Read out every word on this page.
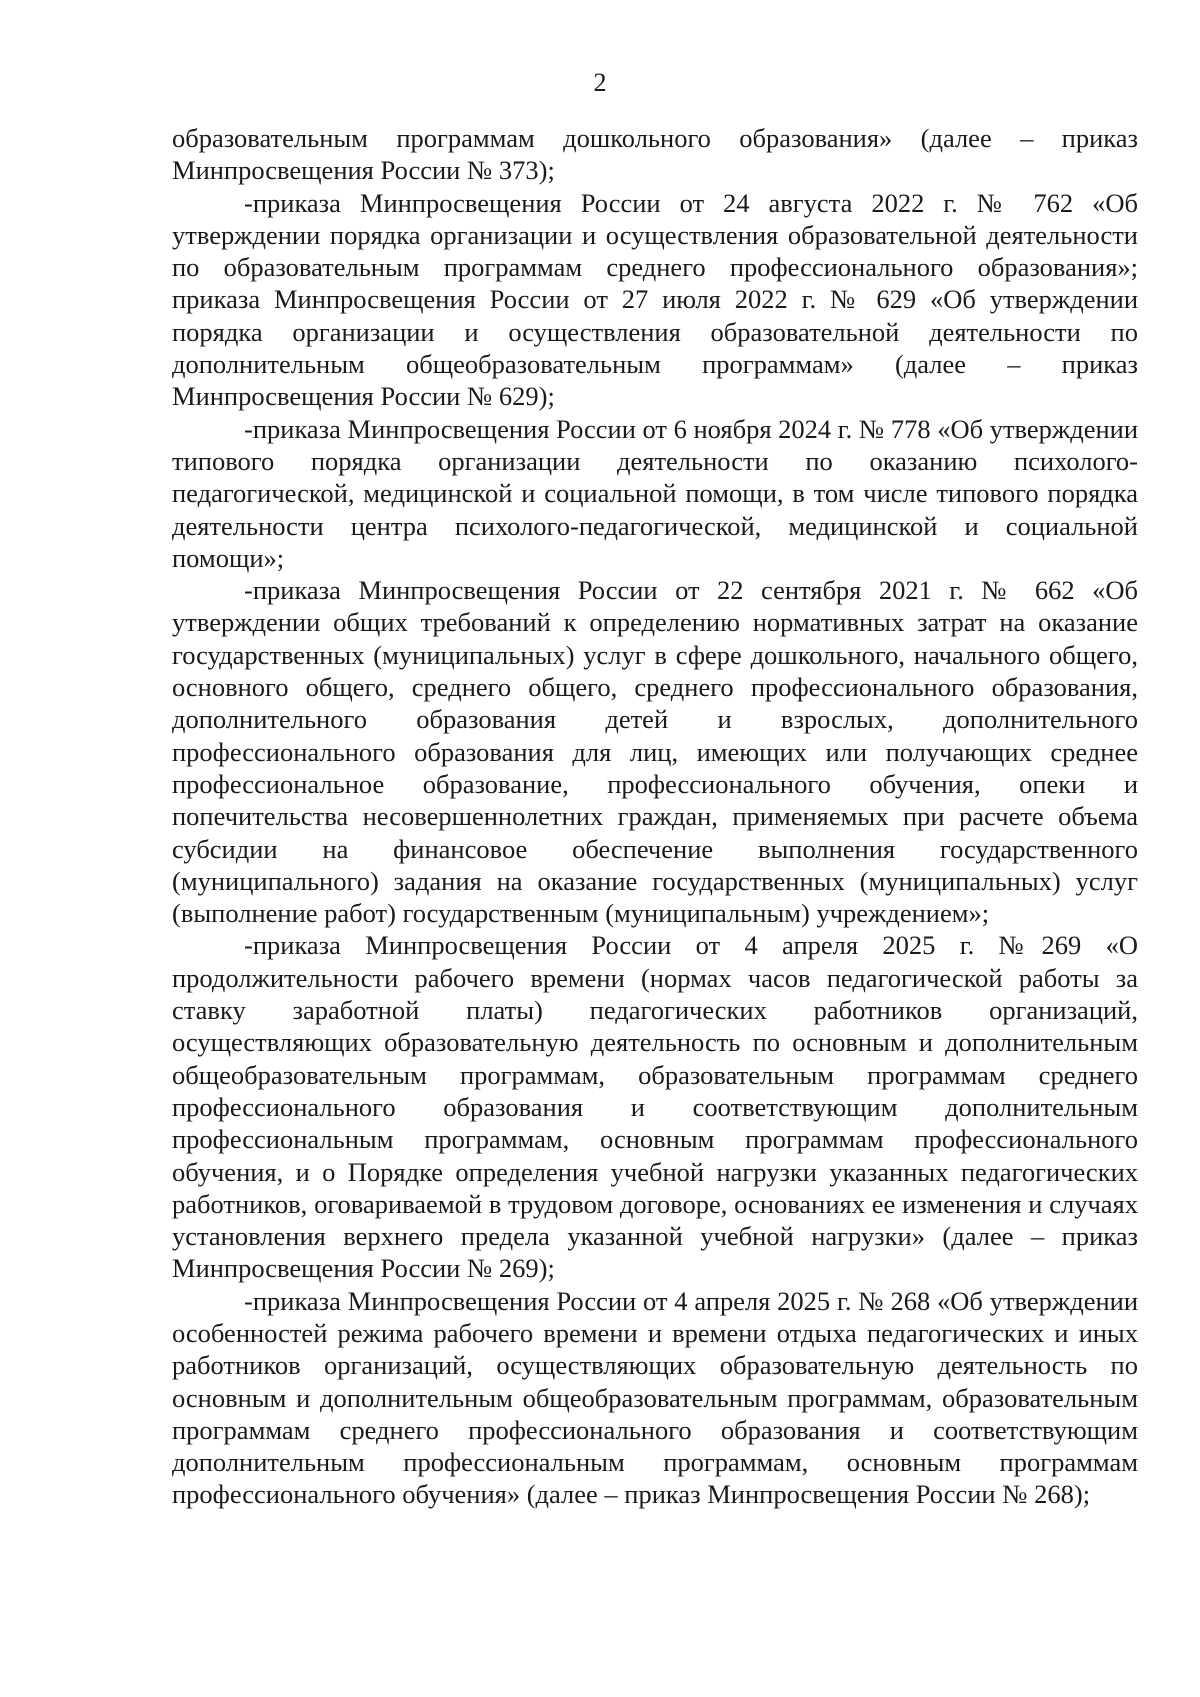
2

образовательным программам дошкольного образования» (далее – приказ Минпросвещения России № 373);

-приказа Минпросвещения России от 24 августа 2022 г. № 762 «Об утверждении порядка организации и осуществления образовательной деятельности по образовательным программам среднего профессионального образования»; приказа Минпросвещения России от 27 июля 2022 г. № 629 «Об утверждении порядка организации и осуществления образовательной деятельности по дополнительным общеобразовательным программам» (далее – приказ Минпросвещения России № 629);

-приказа Минпросвещения России от 6 ноября 2024 г. № 778 «Об утверждении типового порядка организации деятельности по оказанию психолого- педагогической, медицинской и социальной помощи, в том числе типового порядка деятельности центра психолого-педагогической, медицинской и социальной помощи»;

-приказа Минпросвещения России от 22 сентября 2021 г. № 662 «Об утверждении общих требований к определению нормативных затрат на оказание государственных (муниципальных) услуг в сфере дошкольного, начального общего, основного общего, среднего общего, среднего профессионального образования, дополнительного образования детей и взрослых, дополнительного профессионального образования для лиц, имеющих или получающих среднее профессиональное образование, профессионального обучения, опеки и попечительства несовершеннолетних граждан, применяемых при расчете объема субсидии на финансовое обеспечение выполнения государственного (муниципального) задания на оказание государственных (муниципальных) услуг (выполнение работ) государственным (муниципальным) учреждением»;

-приказа Минпросвещения России от 4 апреля 2025 г. №269 «О продолжительности рабочего времени (нормах часов педагогической работы за ставку заработной платы) педагогических работников организаций, осуществляющих образовательную деятельность по основным и дополнительным общеобразовательным программам, образовательным программам среднего профессионального образования и соответствующим дополнительным профессиональным программам, основным программам профессионального обучения, и о Порядке определения учебной нагрузки указанных педагогических работников, оговариваемой в трудовом договоре, основаниях ее изменения и случаях установления верхнего предела указанной учебной нагрузки» (далее – приказ Минпросвещения России № 269);

-приказа Минпросвещения России от 4 апреля 2025 г. № 268 «Об утверждении особенностей режима рабочего времени и времени отдыха педагогических и иных работников организаций, осуществляющих образовательную деятельность по основным и дополнительным общеобразовательным программам, образовательным программам среднего профессионального образования и соответствующим дополнительным профессиональным программам, основным программам профессионального обучения» (далее – приказ Минпросвещения России № 268);
